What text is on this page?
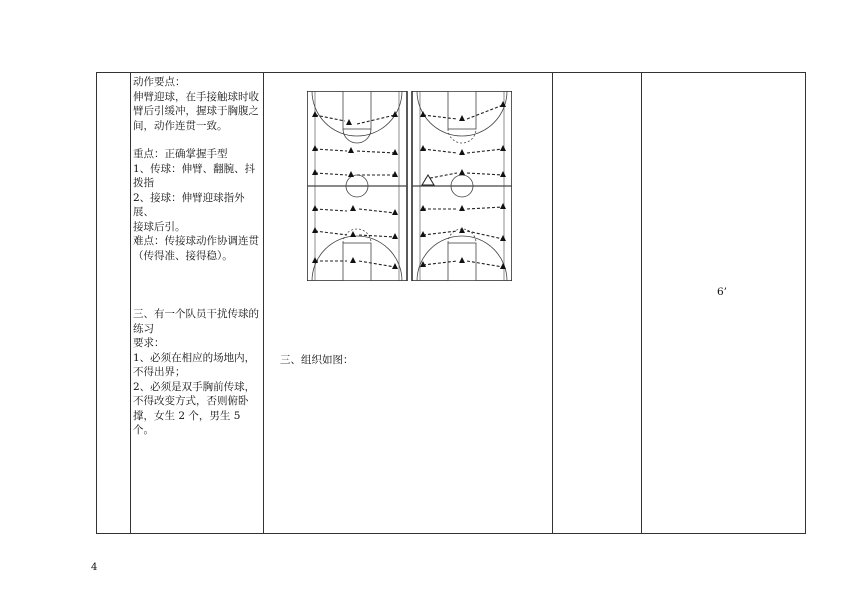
动作要点：

伸臂迎球，在手接触球时收

臂后引缓冲，握球于胸腹之

间，动作连贯一致。

重点：正确掌握手型

1、传球：伸臂、翻腕、抖

拨指

2、接球：伸臂迎球指外展、

接球后引。

难点：传接球动作协调连贯

（传得准、接得稳）。

三、有一个队员干扰传球的

练习

要求：

1、必须在相应的场地内，

不得出界；

2、必须是双手胸前传球，

不得改变方式，否则俯卧

撑，女生 2 个，男生 5 个。

三、组织如图：
6’
4
